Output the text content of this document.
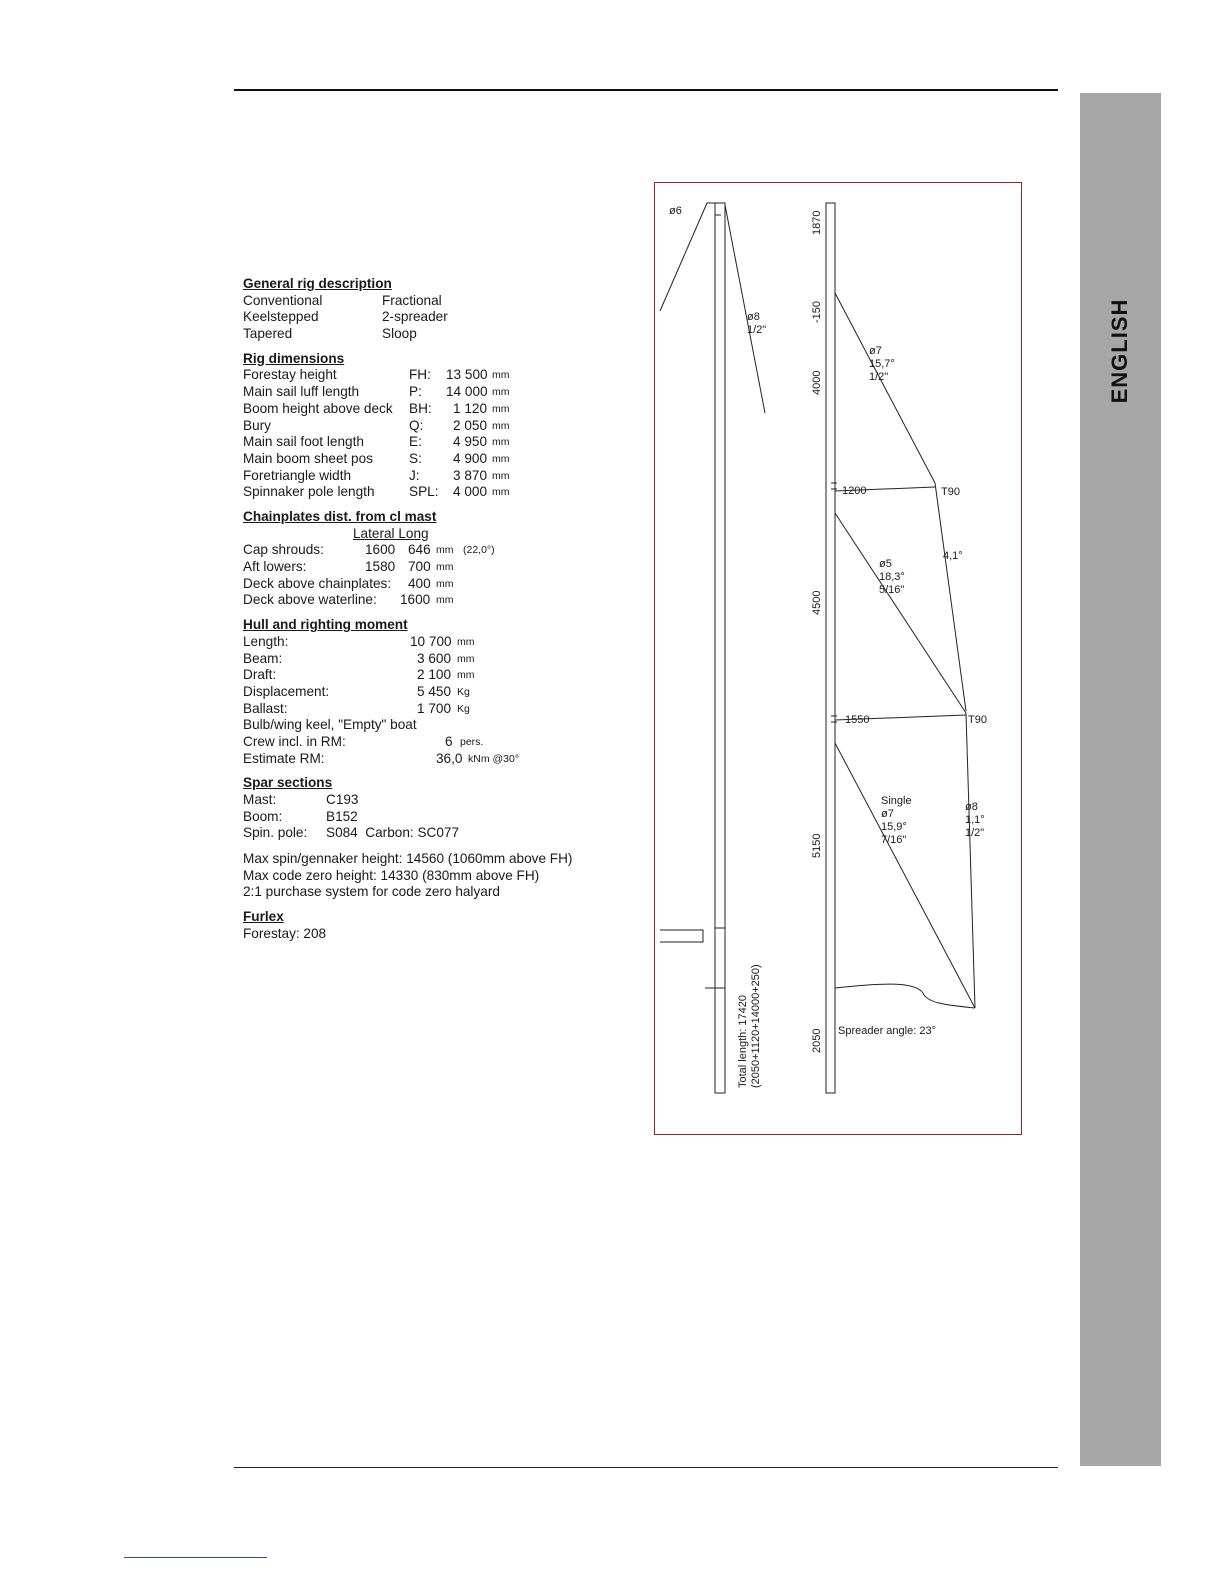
ENGLISH
General rig description
Conventional	Fractional
Keelstepped	2-spreader
Tapered	Sloop
Rig dimensions
Forestay height	FH: 13 500 mm
Main sail luff length	P: 14 000 mm
Boom height above deck BH: 1 120 mm
Bury	Q: 2 050 mm
Main sail foot length	E: 4 950 mm
Main boom sheet pos	S: 4 900 mm
Foretriangle width	J: 3 870 mm
Spinnaker pole length	SPL: 4 000 mm
Chainplates dist. from cl mast
Lateral Long
Cap shrouds:	1600 646 mm (22,0°)
Aft lowers:	1580 700 mm
Deck above chainplates: 400 mm
Deck above waterline: 1600 mm
Hull and righting moment
Length:	10 700 mm
Beam:	3 600 mm
Draft:	2 100 mm
Displacement:	5 450 Kg
Ballast:	1 700 Kg
Bulb/wing keel, "Empty" boat
Crew incl. in RM:	6 pers.
Estimate RM:	36,0 kNm @30°
Spar sections
Mast:	C193
Boom:	B152
Spin. pole: S084  Carbon: SC077
Max spin/gennaker height: 14560 (1060mm above FH)
Max code zero height: 14330 (830mm above FH)
2:1 purchase system for code zero halyard
Furlex
Forestay: 208
ø6
ø8
1/2"
Total length: 17420 (2050+1120+14000+250)
1870
-150
4000
4500
5150
2050
1200	T90
1550	T90
ø7
15,7°
1/2"
ø5
18,3°
5/16"
4,1°
Single
ø7
15,9°
7/16"
ø8
1,1°
1/2"
Spreader angle: 23°
